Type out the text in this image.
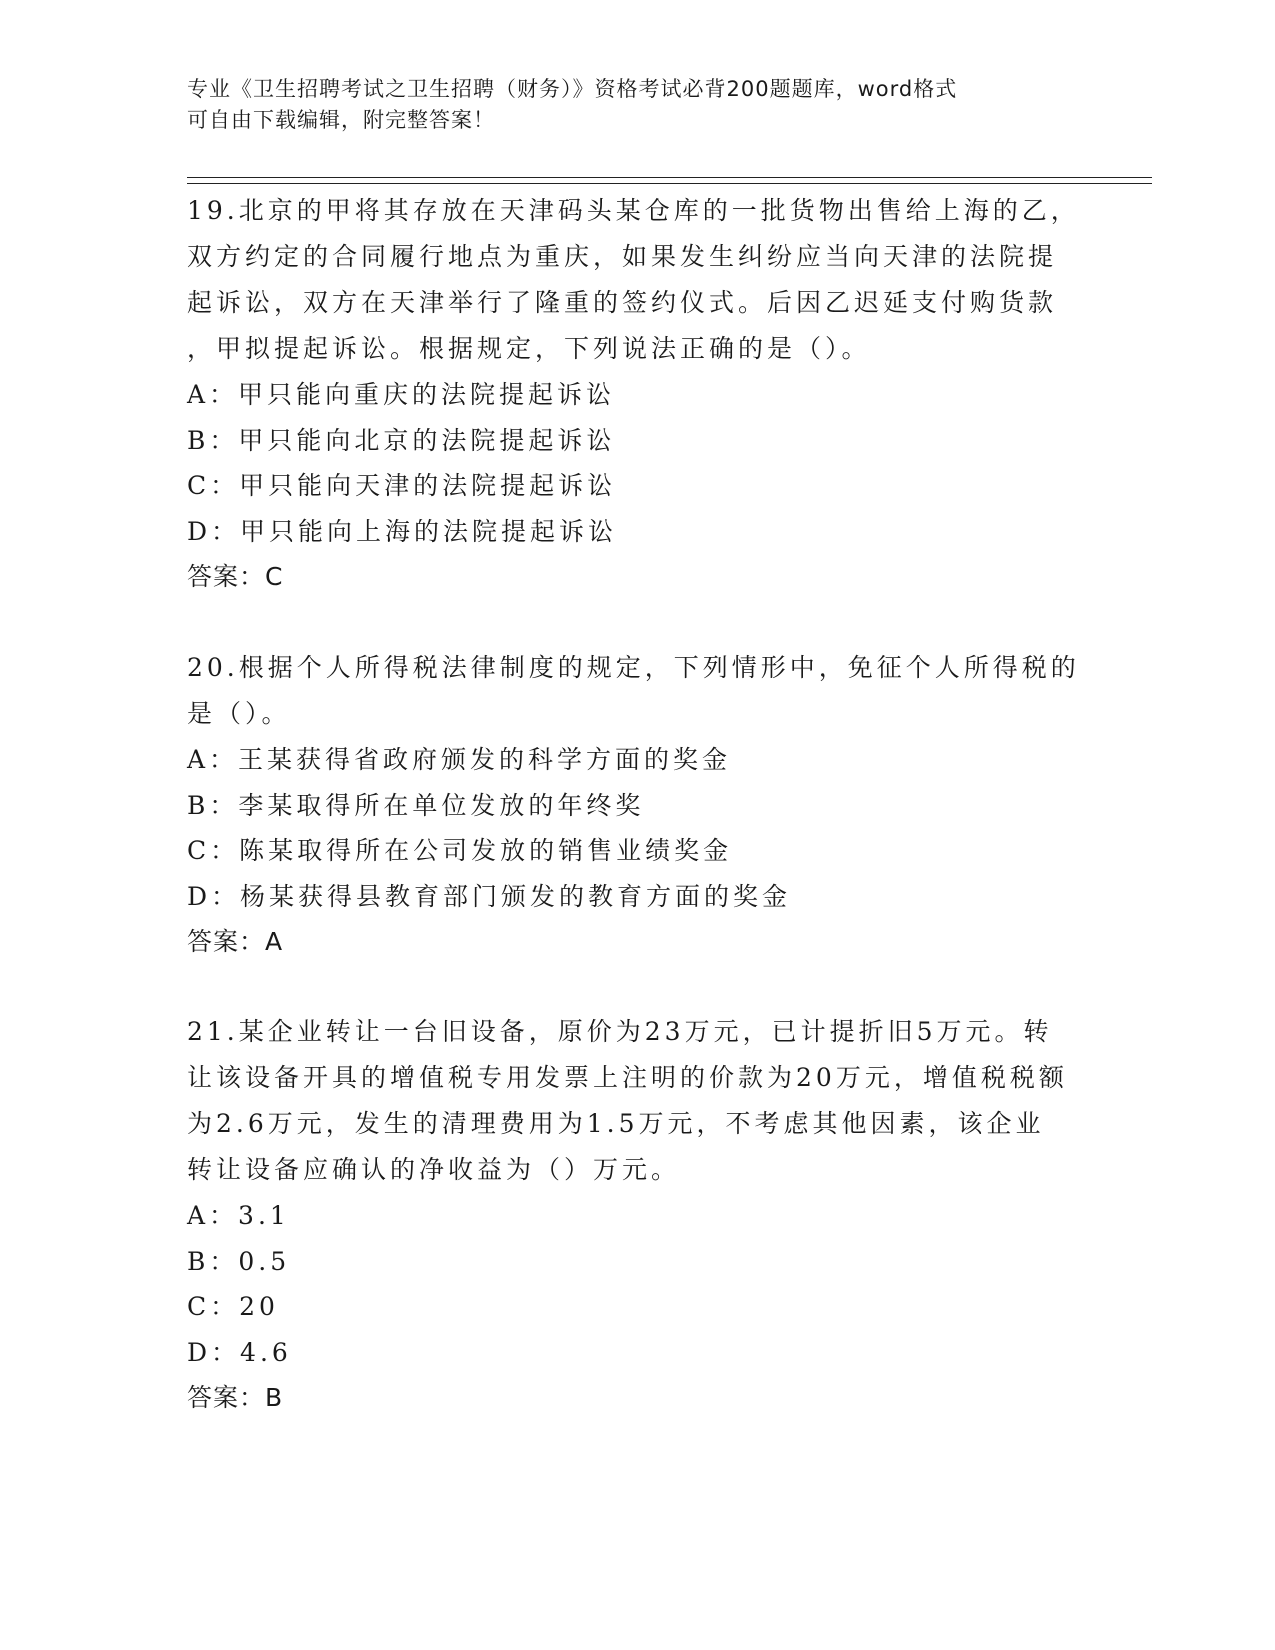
专业《卫生招聘考试之卫生招聘（财务）》资格考试必背200题题库，word格式
可自由下载编辑，附完整答案！

19.北京的甲将其存放在天津码头某仓库的一批货物出售给上海的乙，
双方约定的合同履行地点为重庆，如果发生纠纷应当向天津的法院提
起诉讼，双方在天津举行了隆重的签约仪式。后因乙迟延支付购货款
，甲拟提起诉讼。根据规定，下列说法正确的是（）。

A：甲只能向重庆的法院提起诉讼

B：甲只能向北京的法院提起诉讼

C：甲只能向天津的法院提起诉讼

D：甲只能向上海的法院提起诉讼

答案：C

20.根据个人所得税法律制度的规定，下列情形中，免征个人所得税的
是（）。

A：王某获得省政府颁发的科学方面的奖金

B：李某取得所在单位发放的年终奖

C：陈某取得所在公司发放的销售业绩奖金

D：杨某获得县教育部门颁发的教育方面的奖金

答案：A

21.某企业转让一台旧设备，原价为23万元，已计提折旧5万元。转
让该设备开具的增值税专用发票上注明的价款为20万元，增值税税额
为2.6万元，发生的清理费用为1.5万元，不考虑其他因素，该企业
转让设备应确认的净收益为（）万元。

A：3.1

B：0.5

C：20

D：4.6

答案：B
